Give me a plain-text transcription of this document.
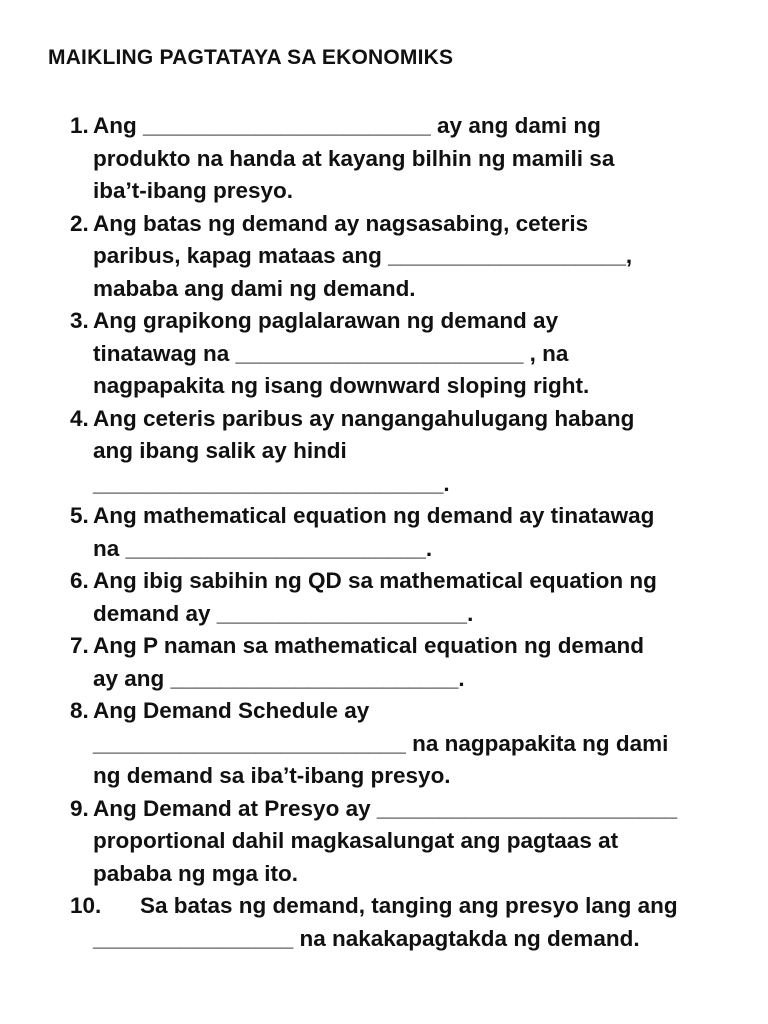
MAIKLING PAGTATAYA SA EKONOMIKS
1. Ang _______________________ ay ang dami ng
produkto na handa at kayang bilhin ng mamili sa
iba’t-ibang presyo.
2. Ang batas ng demand ay nagsasabing, ceteris
paribus, kapag mataas ang ___________________,
mababa ang dami ng demand.
3. Ang grapikong paglalarawan ng demand ay
tinatawag na _______________________ , na
nagpapakita ng isang downward sloping right.
4. Ang ceteris paribus ay nangangahulugang habang
ang ibang salik ay hindi
____________________________.
5. Ang mathematical equation ng demand ay tinatawag
na ________________________.
6. Ang ibig sabihin ng QD sa mathematical equation ng
demand ay ____________________.
7. Ang P naman sa mathematical equation ng demand
ay ang _______________________.
8. Ang Demand Schedule ay
_________________________ na nagpapakita ng dami
ng demand sa iba’t-ibang presyo.
9. Ang Demand at Presyo ay ________________________
proportional dahil magkasalungat ang pagtaas at
pababa ng mga ito.
10. Sa batas ng demand, tanging ang presyo lang ang
________________ na nakakapagtakda ng demand.
